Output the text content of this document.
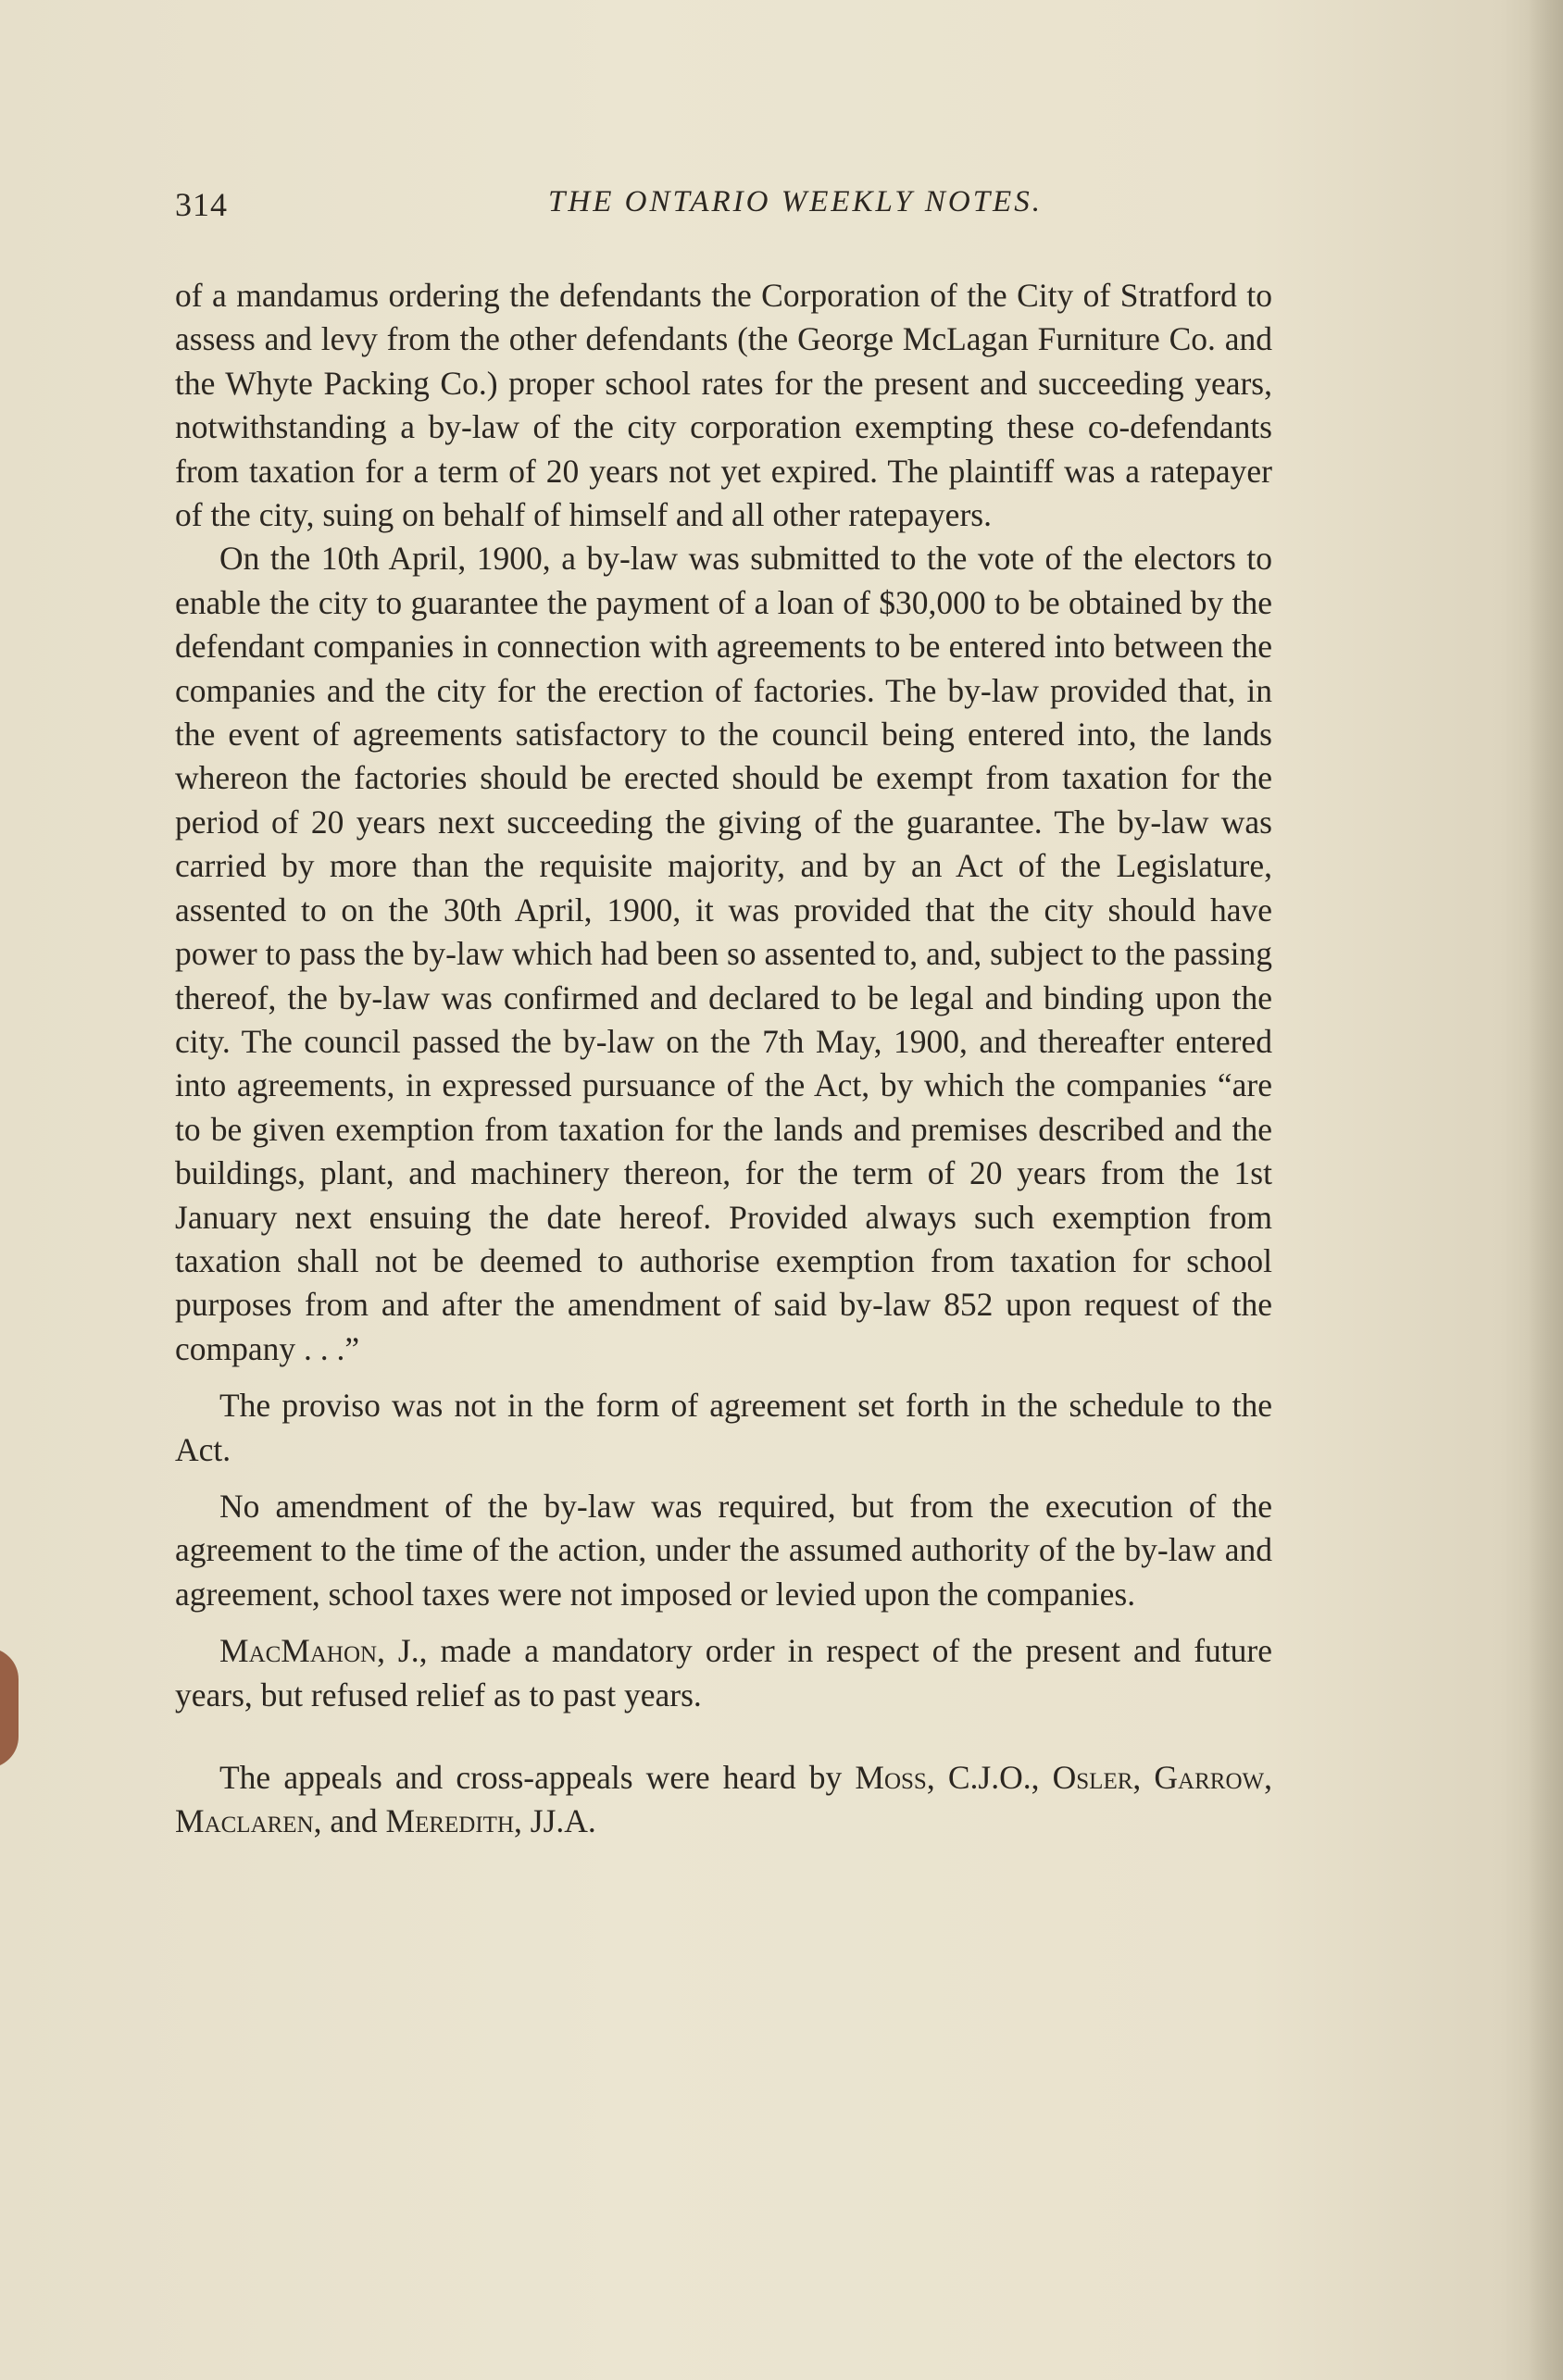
314	THE ONTARIO WEEKLY NOTES.

of a mandamus ordering the defendants the Corporation of the City of Stratford to assess and levy from the other defendants (the George McLagan Furniture Co. and the Whyte Packing Co.) proper school rates for the present and succeeding years, notwithstanding a by-law of the city corporation exempting these co-defendants from taxation for a term of 20 years not yet expired. The plaintiff was a ratepayer of the city, suing on behalf of himself and all other ratepayers.

On the 10th April, 1900, a by-law was submitted to the vote of the electors to enable the city to guarantee the payment of a loan of $30,000 to be obtained by the defendant companies in connection with agreements to be entered into between the companies and the city for the erection of factories. The by-law provided that, in the event of agreements satisfactory to the council being entered into, the lands whereon the factories should be erected should be exempt from taxation for the period of 20 years next succeeding the giving of the guarantee. The by-law was carried by more than the requisite majority, and by an Act of the Legislature, assented to on the 30th April, 1900, it was provided that the city should have power to pass the by-law which had been so assented to, and, subject to the passing thereof, the by-law was confirmed and declared to be legal and binding upon the city. The council passed the by-law on the 7th May, 1900, and thereafter entered into agreements, in expressed pursuance of the Act, by which the companies “are to be given exemption from taxation for the lands and premises described and the buildings, plant, and machinery thereon, for the term of 20 years from the 1st January next ensuing the date hereof. Provided always such exemption from taxation shall not be deemed to authorise exemption from taxation for school purposes from and after the amendment of said by-law 852 upon request of the company . . .”

The proviso was not in the form of agreement set forth in the schedule to the Act.

No amendment of the by-law was required, but from the execution of the agreement to the time of the action, under the assumed authority of the by-law and agreement, school taxes were not imposed or levied upon the companies.

MacMahon, J., made a mandatory order in respect of the present and future years, but refused relief as to past years.

The appeals and cross-appeals were heard by Moss, C.J.O., Osler, Garrow, Maclaren, and Meredith, JJ.A.
